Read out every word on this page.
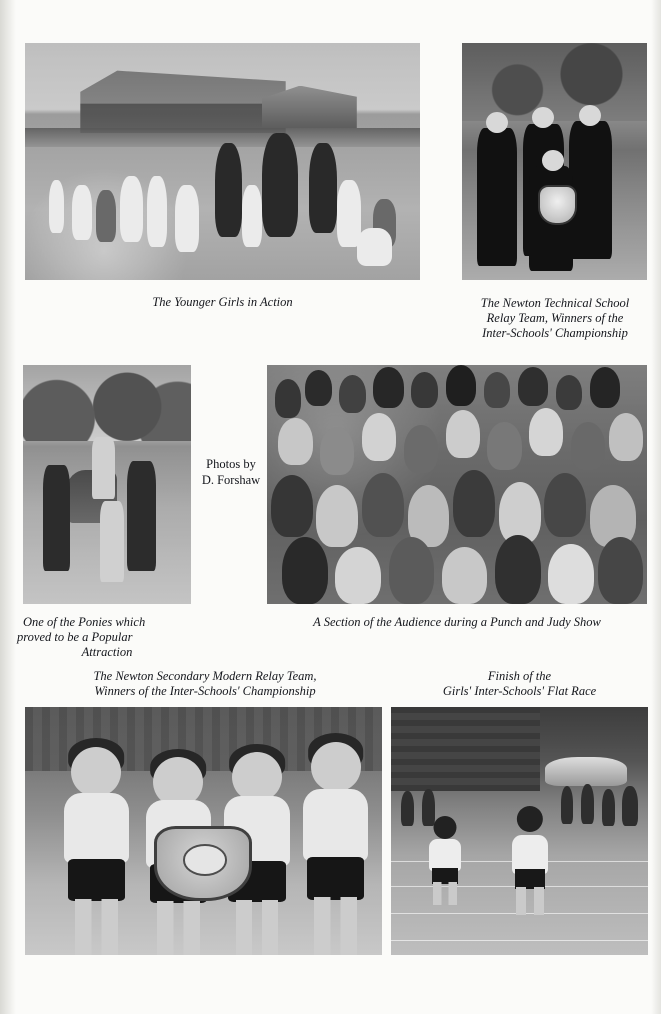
The Younger Girls in Action	The Newton Technical School
Relay Team, Winners of the
Inter-Schools' Championship
One of the Ponies which
proved to be a Popular
Attraction
Photos by
D. Forshaw
A Section of the Audience during a Punch and Judy Show
The Newton Secondary Modern Relay Team,
Winners of the Inter-Schools' Championship
Finish of the
Girls' Inter-Schools' Flat Race
